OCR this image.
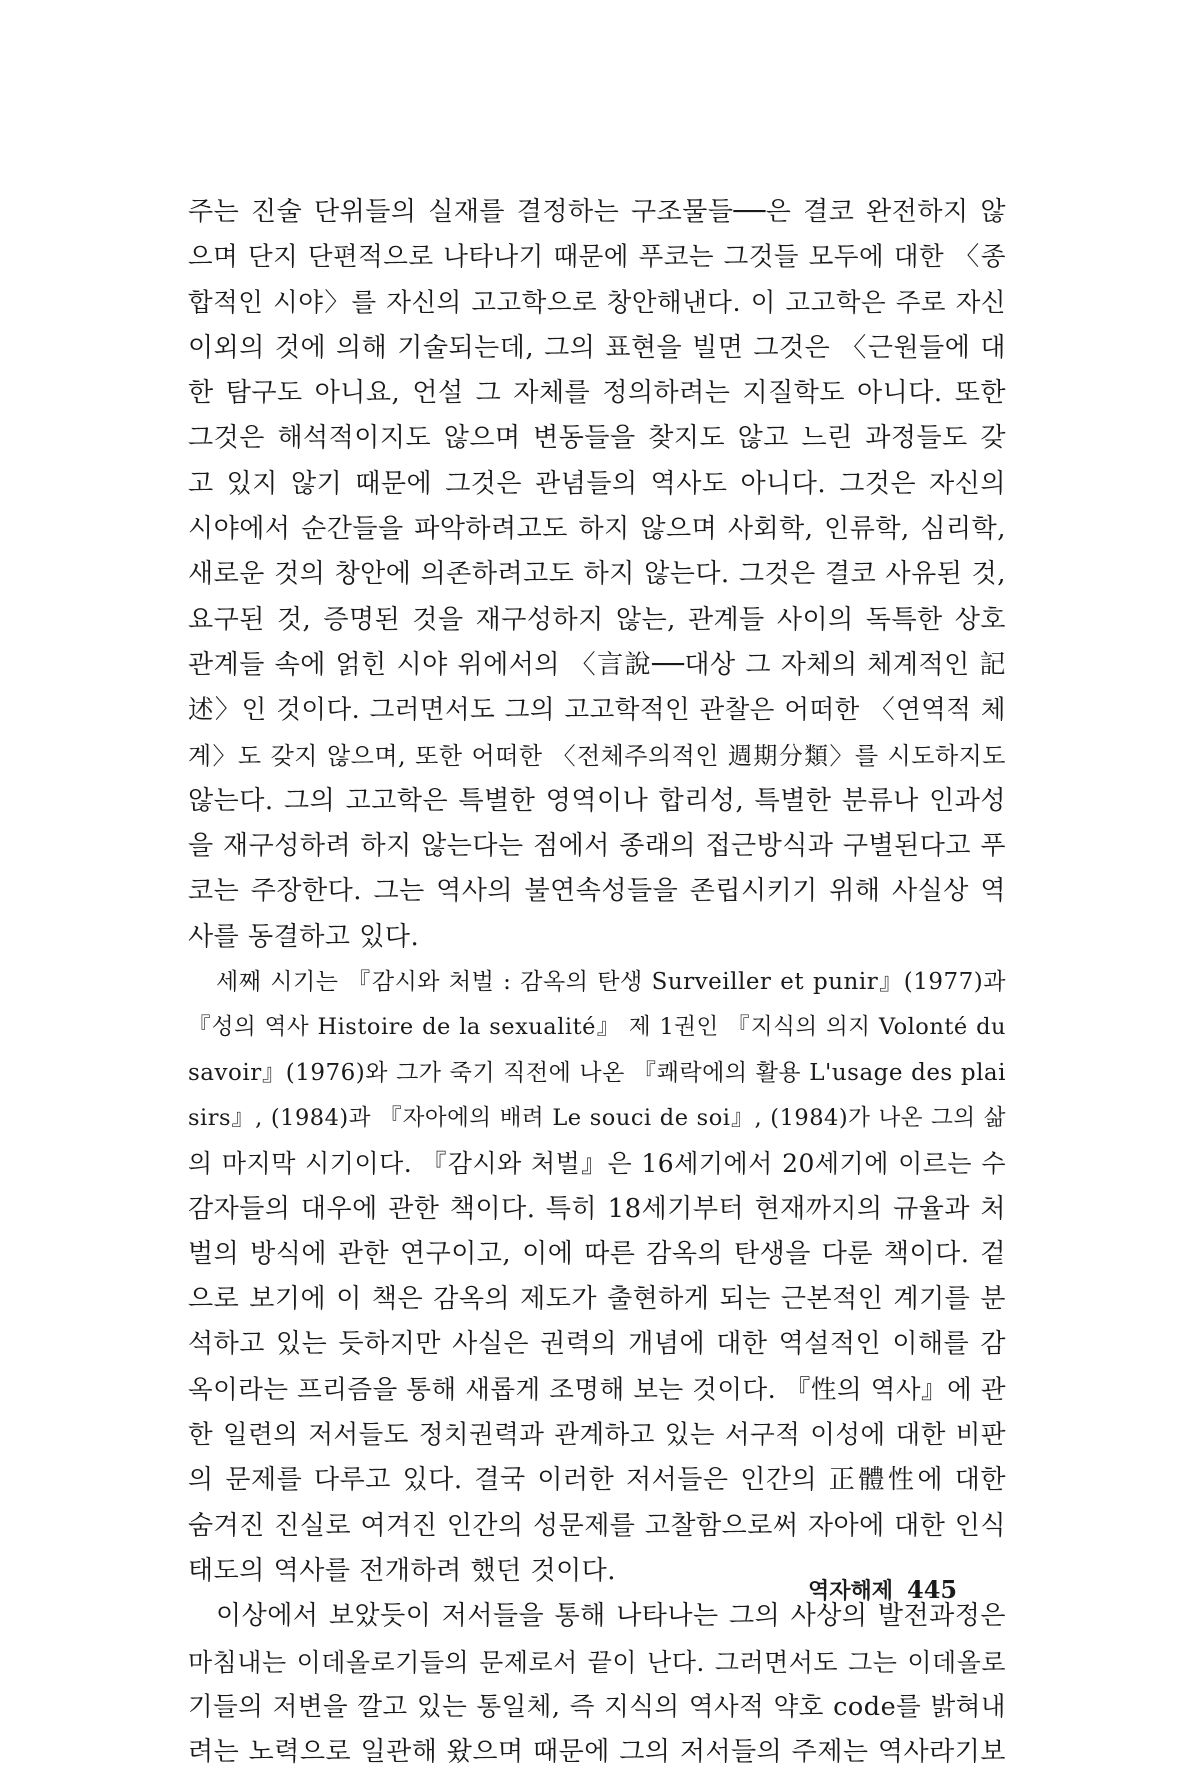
주는 진술 단위들의 실재를 결정하는 구조물들──은 결코 완전하지 않
으며 단지 단편적으로 나타나기 때문에 푸코는 그것들 모두에 대한 〈종
합적인 시야〉를 자신의 고고학으로 창안해낸다. 이 고고학은 주로 자신
이외의 것에 의해 기술되는데, 그의 표현을 빌면 그것은 〈근원들에 대
한 탐구도 아니요, 언설 그 자체를 정의하려는 지질학도 아니다. 또한
그것은 해석적이지도 않으며 변동들을 찾지도 않고 느린 과정들도 갖
고 있지 않기 때문에 그것은 관념들의 역사도 아니다. 그것은 자신의
시야에서 순간들을 파악하려고도 하지 않으며 사회학, 인류학, 심리학,
새로운 것의 창안에 의존하려고도 하지 않는다. 그것은 결코 사유된 것,
요구된 것, 증명된 것을 재구성하지 않는, 관계들 사이의 독특한 상호
관계들 속에 얽힌 시야 위에서의 〈言說──대상 그 자체의 체계적인 記
述〉인 것이다. 그러면서도 그의 고고학적인 관찰은 어떠한 〈연역적 체
계〉도 갖지 않으며, 또한 어떠한 〈전체주의적인 週期分類〉를 시도하지도
않는다. 그의 고고학은 특별한 영역이나 합리성, 특별한 분류나 인과성
을 재구성하려 하지 않는다는 점에서 종래의 접근방식과 구별된다고 푸
코는 주장한다. 그는 역사의 불연속성들을 존립시키기 위해 사실상 역
사를 동결하고 있다.
세째 시기는 『감시와 처벌 : 감옥의 탄생 Surveiller et punir』(1977)과
『성의 역사 Histoire de la sexualité』 제 1권인 『지식의 의지 Volonté du
savoir』(1976)와 그가 죽기 직전에 나온 『쾌락에의 활용 L'usage des plai
sirs』, (1984)과 『자아에의 배려 Le souci de soi』, (1984)가 나온 그의 삶
의 마지막 시기이다. 『감시와 처벌』은 16세기에서 20세기에 이르는 수
감자들의 대우에 관한 책이다. 특히 18세기부터 현재까지의 규율과 처
벌의 방식에 관한 연구이고, 이에 따른 감옥의 탄생을 다룬 책이다. 겉
으로 보기에 이 책은 감옥의 제도가 출현하게 되는 근본적인 계기를 분
석하고 있는 듯하지만 사실은 권력의 개념에 대한 역설적인 이해를 감
옥이라는 프리즘을 통해 새롭게 조명해 보는 것이다. 『性의 역사』에 관
한 일련의 저서들도 정치권력과 관계하고 있는 서구적 이성에 대한 비판
의 문제를 다루고 있다. 결국 이러한 저서들은 인간의 正體性에 대한
숨겨진 진실로 여겨진 인간의 성문제를 고찰함으로써 자아에 대한 인식
태도의 역사를 전개하려 했던 것이다.
이상에서 보았듯이 저서들을 통해 나타나는 그의 사상의 발전과정은
마침내는 이데올로기들의 문제로서 끝이 난다. 그러면서도 그는 이데올로
기들의 저변을 깔고 있는 통일체, 즉 지식의 역사적 약호 code를 밝혀내
려는 노력으로 일관해 왔으며 때문에 그의 저서들의 주제는 역사라기보
역자해제 445
